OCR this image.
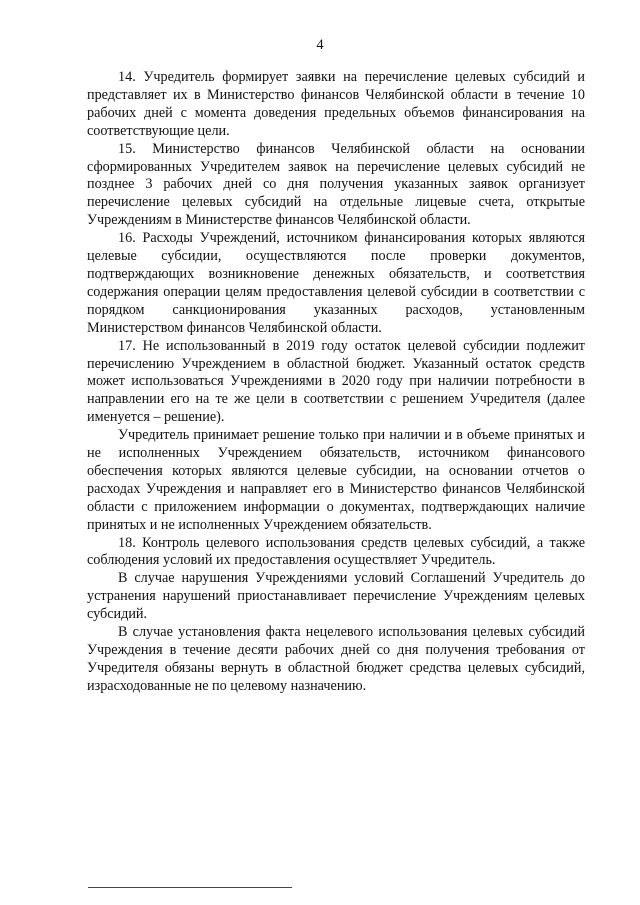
4

14. Учредитель формирует заявки на перечисление целевых субсидий и представляет их в Министерство финансов Челябинской области в течение 10 рабочих дней с момента доведения предельных объемов финансирования на соответствующие цели.

15. Министерство финансов Челябинской области на основании сформированных Учредителем заявок на перечисление целевых субсидий не позднее 3 рабочих дней со дня получения указанных заявок организует перечисление целевых субсидий на отдельные лицевые счета, открытые Учреждениям в Министерстве финансов Челябинской области.

16. Расходы Учреждений, источником финансирования которых являются целевые субсидии, осуществляются после проверки документов, подтверждающих возникновение денежных обязательств, и соответствия содержания операции целям предоставления целевой субсидии в соответствии с порядком санкционирования указанных расходов, установленным Министерством финансов Челябинской области.

17. Не использованный в 2019 году остаток целевой субсидии подлежит перечислению Учреждением в областной бюджет. Указанный остаток средств может использоваться Учреждениями в 2020 году при наличии потребности в направлении его на те же цели в соответствии с решением Учредителя (далее именуется – решение).

Учредитель принимает решение только при наличии и в объеме принятых и не исполненных Учреждением обязательств, источником финансового обеспечения которых являются целевые субсидии, на основании отчетов о расходах Учреждения и направляет его в Министерство финансов Челябинской области с приложением информации о документах, подтверждающих наличие принятых и не исполненных Учреждением обязательств.

18. Контроль целевого использования средств целевых субсидий, а также соблюдения условий их предоставления осуществляет Учредитель.

В случае нарушения Учреждениями условий Соглашений Учредитель до устранения нарушений приостанавливает перечисление Учреждениям целевых субсидий.

В случае установления факта нецелевого использования целевых субсидий Учреждения в течение десяти рабочих дней со дня получения требования от Учредителя обязаны вернуть в областной бюджет средства целевых субсидий, израсходованные не по целевому назначению.
